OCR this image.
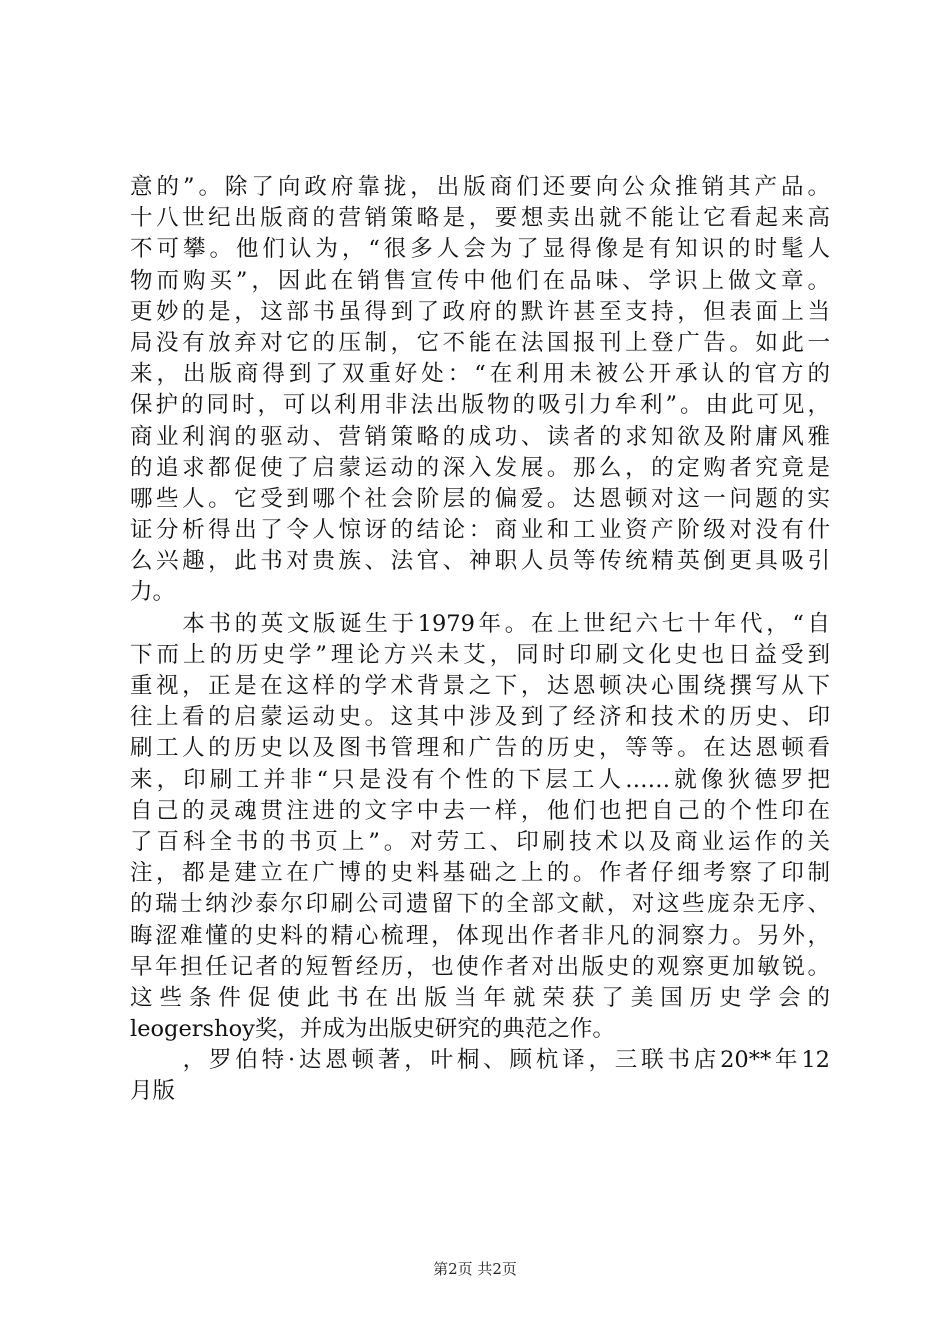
意的”。除了向政府靠拢，出版商们还要向公众推销其产品。
十八世纪出版商的营销策略是，要想卖出就不能让它看起来高
不可攀。他们认为，“很多人会为了显得像是有知识的时髦人
物而购买”，因此在销售宣传中他们在品味、学识上做文章。
更妙的是，这部书虽得到了政府的默许甚至支持，但表面上当
局没有放弃对它的压制，它不能在法国报刊上登广告。如此一
来，出版商得到了双重好处：“在利用未被公开承认的官方的
保护的同时，可以利用非法出版物的吸引力牟利”。由此可见，
商业利润的驱动、营销策略的成功、读者的求知欲及附庸风雅
的追求都促使了启蒙运动的深入发展。那么，的定购者究竟是
哪些人。它受到哪个社会阶层的偏爱。达恩顿对这一问题的实
证分析得出了令人惊讶的结论：商业和工业资产阶级对没有什
么兴趣，此书对贵族、法官、神职人员等传统精英倒更具吸引
力。
　　本书的英文版诞生于1979年。在上世纪六七十年代，“自
下而上的历史学”理论方兴未艾，同时印刷文化史也日益受到
重视，正是在这样的学术背景之下，达恩顿决心围绕撰写从下
往上看的启蒙运动史。这其中涉及到了经济和技术的历史、印
刷工人的历史以及图书管理和广告的历史，等等。在达恩顿看
来，印刷工并非“只是没有个性的下层工人……就像狄德罗把
自己的灵魂贯注进的文字中去一样，他们也把自己的个性印在
了百科全书的书页上”。对劳工、印刷技术以及商业运作的关
注，都是建立在广博的史料基础之上的。作者仔细考察了印制
的瑞士纳沙泰尔印刷公司遗留下的全部文献，对这些庞杂无序、
晦涩难懂的史料的精心梳理，体现出作者非凡的洞察力。另外，
早年担任记者的短暂经历，也使作者对出版史的观察更加敏锐。
这些条件促使此书在出版当年就荣获了美国历史学会的
leogershoy奖，并成为出版史研究的典范之作。
　　，罗伯特·达恩顿著，叶桐、顾杭译，三联书店20**年12
月版
第2页 共2页
